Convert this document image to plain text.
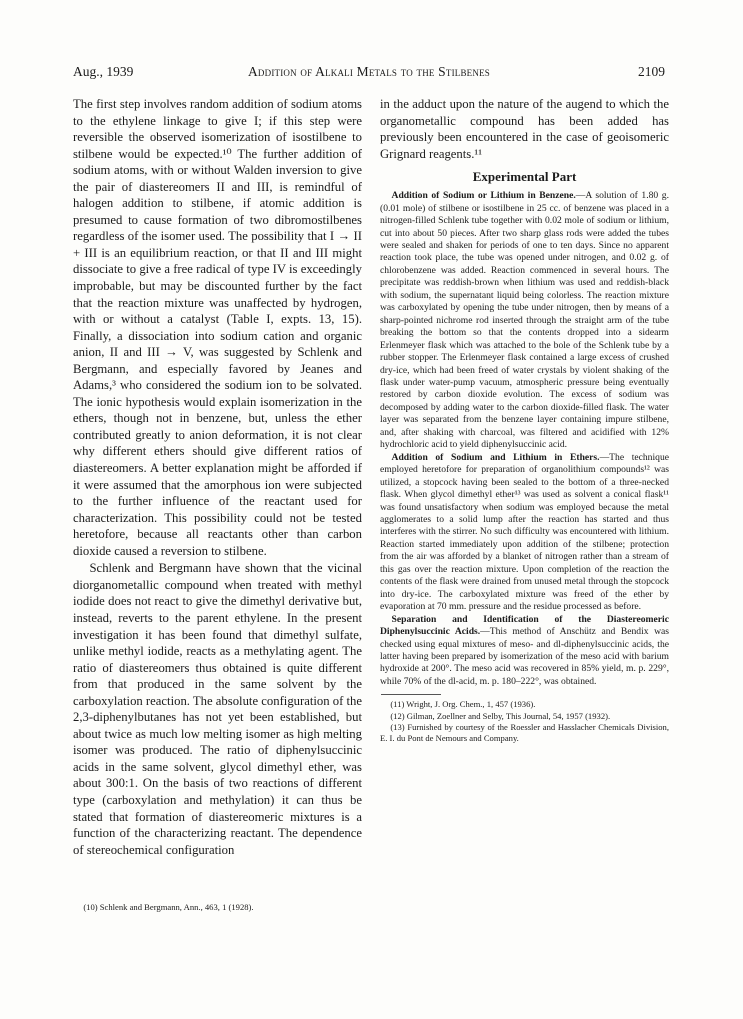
Aug., 1939	Addition of Alkali Metals to the Stilbenes	2109

The first step involves random addition of sodium atoms to the ethylene linkage to give I; if this step were reversible the observed isomerization of isostilbene to stilbene would be expected.¹⁰ The further addition of sodium atoms, with or without Walden inversion to give the pair of diastereomers II and III, is remindful of halogen addition to stilbene, if atomic addition is presumed to cause formation of two dibromostilbenes regardless of the isomer used. The possibility that I → II + III is an equilibrium reaction, or that II and III might dissociate to give a free radical of type IV is exceedingly improbable, but may be discounted further by the fact that the reaction mixture was unaffected by hydrogen, with or without a catalyst (Table I, expts. 13, 15). Finally, a dissociation into sodium cation and organic anion, II and III → V, was suggested by Schlenk and Bergmann, and especially favored by Jeanes and Adams,³ who considered the sodium ion to be solvated. The ionic hypothesis would explain isomerization in the ethers, though not in benzene, but, unless the ether contributed greatly to anion deformation, it is not clear why different ethers should give different ratios of diastereomers. A better explanation might be afforded if it were assumed that the amorphous ion were subjected to the further influence of the reactant used for characterization. This possibility could not be tested heretofore, because all reactants other than carbon dioxide caused a reversion to stilbene.

Schlenk and Bergmann have shown that the vicinal diorganometallic compound when treated with methyl iodide does not react to give the dimethyl derivative but, instead, reverts to the parent ethylene. In the present investigation it has been found that dimethyl sulfate, unlike methyl iodide, reacts as a methylating agent. The ratio of diastereomers thus obtained is quite different from that produced in the same solvent by the carboxylation reaction. The absolute configuration of the 2,3-diphenylbutanes has not yet been established, but about twice as much low melting isomer as high melting isomer was produced. The ratio of diphenylsuccinic acids in the same solvent, glycol dimethyl ether, was about 300:1. On the basis of two reactions of different type (carboxylation and methylation) it can thus be stated that formation of diastereomeric mixtures is a function of the characterizing reactant. The dependence of stereochemical configuration

(10) Schlenk and Bergmann, Ann., 463, 1 (1928).

in the adduct upon the nature of the augend to which the organometallic compound has been added has previously been encountered in the case of geoisomeric Grignard reagents.¹¹

Experimental Part

Addition of Sodium or Lithium in Benzene.—A solution of 1.80 g. (0.01 mole) of stilbene or isostilbene in 25 cc. of benzene was placed in a nitrogen-filled Schlenk tube together with 0.02 mole of sodium or lithium, cut into about 50 pieces. After two sharp glass rods were added the tubes were sealed and shaken for periods of one to ten days. Since no apparent reaction took place, the tube was opened under nitrogen, and 0.02 g. of chlorobenzene was added. Reaction commenced in several hours. The precipitate was reddish-brown when lithium was used and reddish-black with sodium, the supernatant liquid being colorless. The reaction mixture was carboxylated by opening the tube under nitrogen, then by means of a sharp-pointed nichrome rod inserted through the straight arm of the tube breaking the bottom so that the contents dropped into a sidearm Erlenmeyer flask which was attached to the bole of the Schlenk tube by a rubber stopper. The Erlenmeyer flask contained a large excess of crushed dry-ice, which had been freed of water crystals by violent shaking of the flask under water-pump vacuum, atmospheric pressure being eventually restored by carbon dioxide evolution. The excess of sodium was decomposed by adding water to the carbon dioxide-filled flask. The water layer was separated from the benzene layer containing impure stilbene, and, after shaking with charcoal, was filtered and acidified with 12% hydrochloric acid to yield diphenylsuccinic acid.

Addition of Sodium and Lithium in Ethers.—The technique employed heretofore for preparation of organolithium compounds¹² was utilized, a stopcock having been sealed to the bottom of a three-necked flask. When glycol dimethyl ether¹³ was used as solvent a conical flask¹¹ was found unsatisfactory when sodium was employed because the metal agglomerates to a solid lump after the reaction has started and thus interferes with the stirrer. No such difficulty was encountered with lithium. Reaction started immediately upon addition of the stilbene; protection from the air was afforded by a blanket of nitrogen rather than a stream of this gas over the reaction mixture. Upon completion of the reaction the contents of the flask were drained from unused metal through the stopcock into dry-ice. The carboxylated mixture was freed of the ether by evaporation at 70 mm. pressure and the residue processed as before.

Separation and Identification of the Diastereomeric Diphenylsuccinic Acids.—This method of Anschütz and Bendix was checked using equal mixtures of meso- and dl-diphenylsuccinic acids, the latter having been prepared by isomerization of the meso acid with barium hydroxide at 200°. The meso acid was recovered in 85% yield, m. p. 229°, while 70% of the dl-acid, m. p. 180–222°, was obtained.

(11) Wright, J. Org. Chem., 1, 457 (1936).
(12) Gilman, Zoellner and Selby, This Journal, 54, 1957 (1932).
(13) Furnished by courtesy of the Roessler and Hasslacher Chemicals Division, E. I. du Pont de Nemours and Company.
